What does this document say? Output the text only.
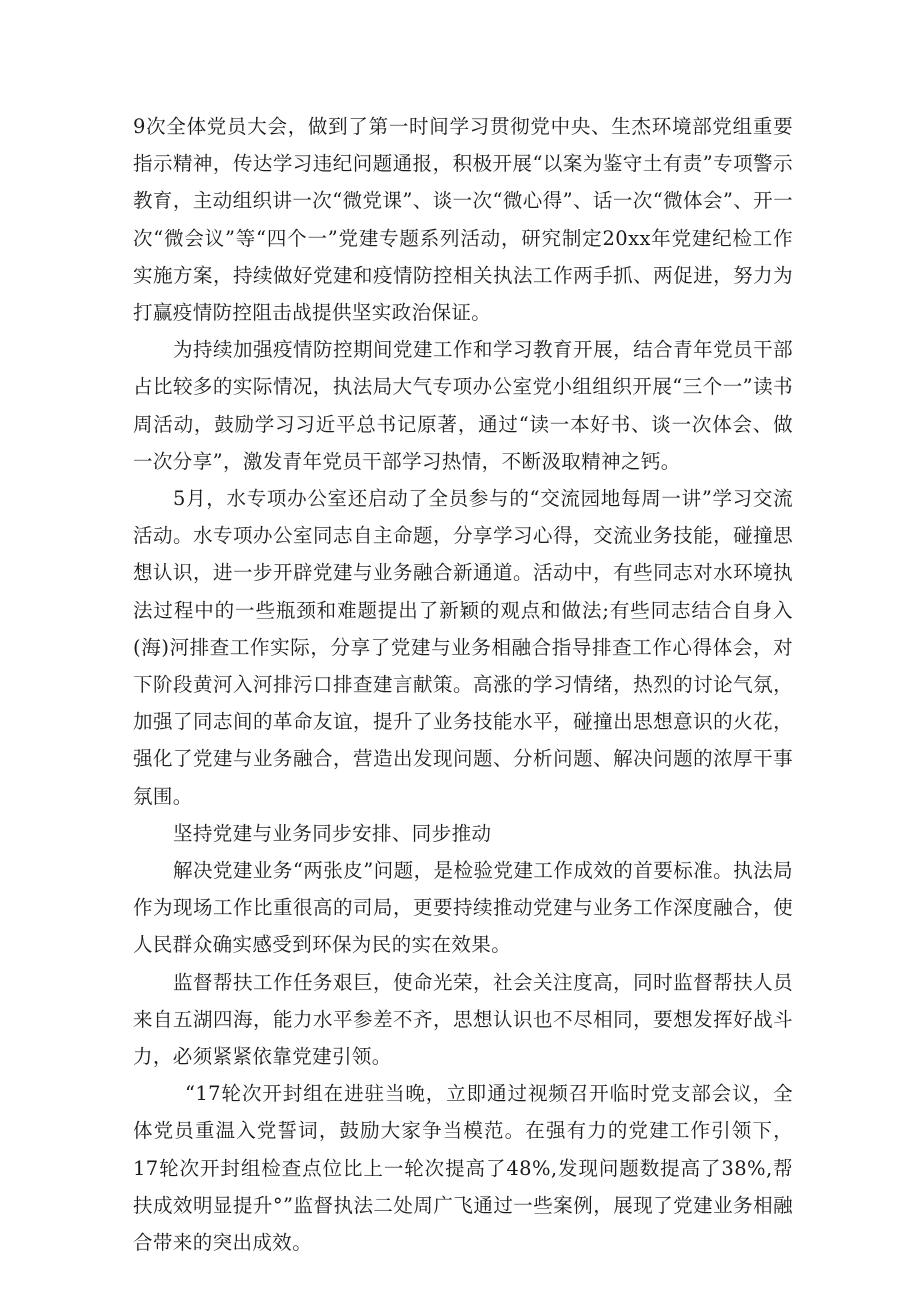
9次全体党员大会，做到了第一时间学习贯彻党中央、生杰环境部党组重要指示精神，传达学习违纪问题通报，积极开展“以案为鉴守土有责”专项警示教育，主动组织讲一次“微党课”、谈一次“微心得”、话一次“微体会”、开一次“微会议”等“四个一”党建专题系列活动，研究制定20xx年党建纪检工作实施方案，持续做好党建和疫情防控相关执法工作两手抓、两促进，努力为打赢疫情防控阻击战提供坚实政治保证。

为持续加强疫情防控期间党建工作和学习教育开展，结合青年党员干部占比较多的实际情况，执法局大气专项办公室党小组组织开展“三个一”读书周活动，鼓励学习习近平总书记原著，通过“读一本好书、谈一次体会、做一次分享”，激发青年党员干部学习热情，不断汲取精神之钙。

5月，水专项办公室还启动了全员参与的“交流园地每周一讲”学习交流活动。水专项办公室同志自主命题，分享学习心得，交流业务技能，碰撞思想认识，进一步开辟党建与业务融合新通道。活动中，有些同志对水环境执法过程中的一些瓶颈和难题提出了新颖的观点和做法;有些同志结合自身入(海)河排查工作实际，分享了党建与业务相融合指导排查工作心得体会，对下阶段黄河入河排污口排查建言献策。高涨的学习情绪，热烈的讨论气氛，加强了同志间的革命友谊，提升了业务技能水平，碰撞出思想意识的火花，强化了党建与业务融合，营造出发现问题、分析问题、解决问题的浓厚干事氛围。

坚持党建与业务同步安排、同步推动

解决党建业务“两张皮”问题，是检验党建工作成效的首要标准。执法局作为现场工作比重很高的司局，更要持续推动党建与业务工作深度融合，使人民群众确实感受到环保为民的实在效果。

监督帮扶工作任务艰巨，使命光荣，社会关注度高，同时监督帮扶人员来自五湖四海，能力水平参差不齐，思想认识也不尽相同，要想发挥好战斗力，必须紧紧依靠党建引领。

“17轮次开封组在进驻当晚，立即通过视频召开临时党支部会议，全体党员重温入党誓词，鼓励大家争当模范。在强有力的党建工作引领下，17轮次开封组检查点位比上一轮次提高了48%,发现问题数提高了38%,帮扶成效明显提升°”监督执法二处周广飞通过一些案例，展现了党建业务相融合带来的突出成效。
